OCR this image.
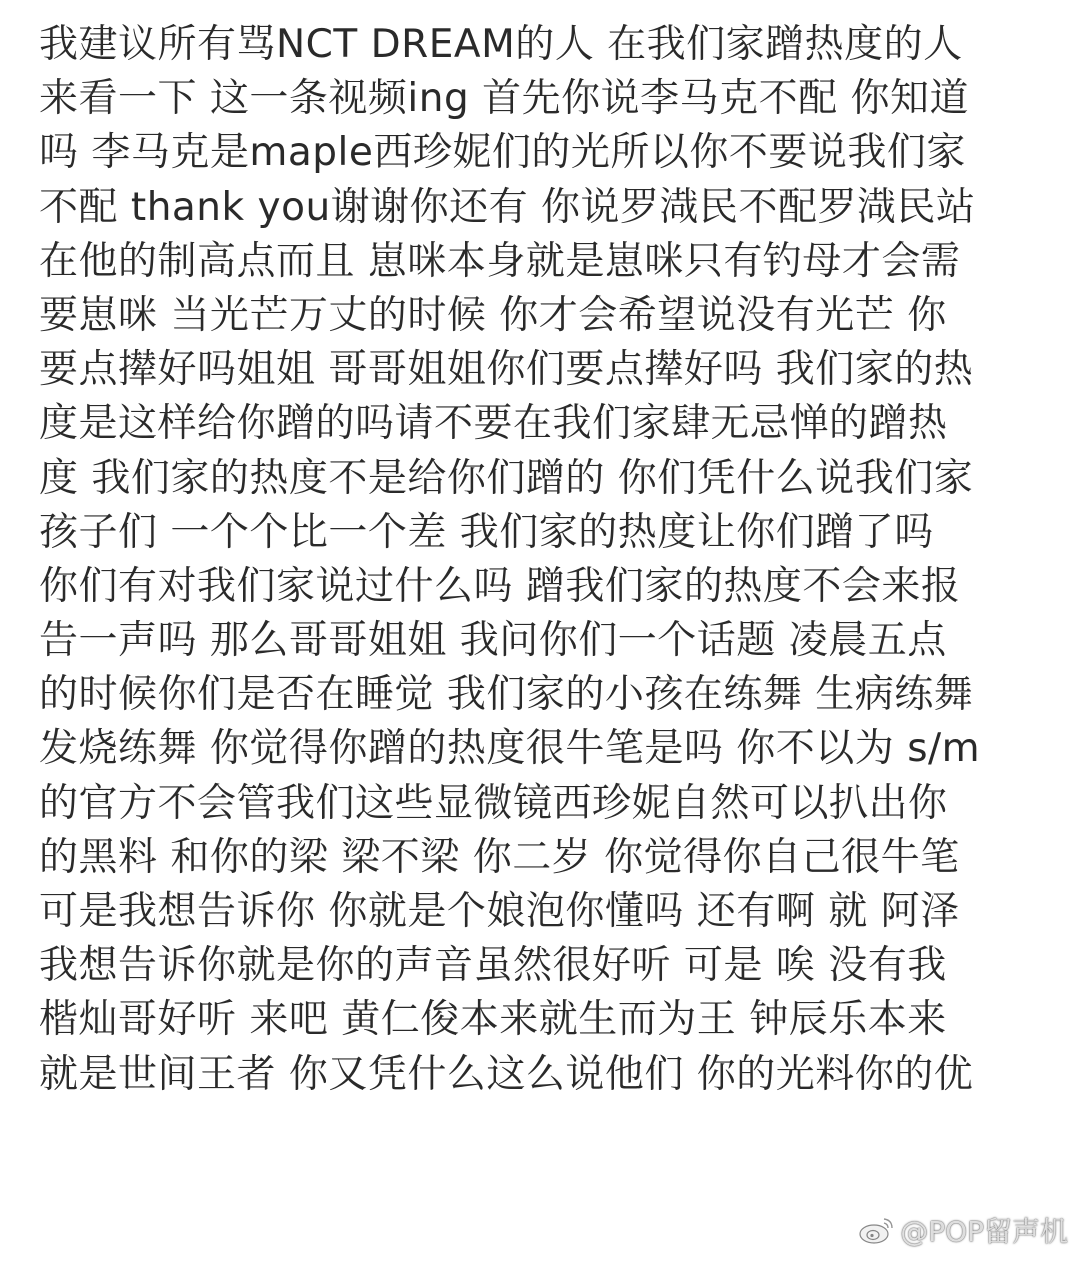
我建议所有骂NCT DREAM的人 在我们家蹭热度的人
来看一下 这一条视频ing 首先你说李马克不配 你知道
吗 李马克是maple西珍妮们的光所以你不要说我们家
不配 thank you谢谢你还有 你说罗渽民不配罗渽民站
在他的制高点而且 崽咪本身就是崽咪只有钓母才会需
要崽咪 当光芒万丈的时候 你才会希望说没有光芒 你
要点撵好吗姐姐 哥哥姐姐你们要点撵好吗 我们家的热
度是这样给你蹭的吗请不要在我们家肆无忌惮的蹭热
度 我们家的热度不是给你们蹭的 你们凭什么说我们家
孩子们 一个个比一个差 我们家的热度让你们蹭了吗
你们有对我们家说过什么吗 蹭我们家的热度不会来报
告一声吗 那么哥哥姐姐 我问你们一个话题 凌晨五点
的时候你们是否在睡觉 我们家的小孩在练舞 生病练舞
发烧练舞 你觉得你蹭的热度很牛笔是吗 你不以为 s/m
的官方不会管我们这些显微镜西珍妮自然可以扒出你
的黑料 和你的梁 梁不梁 你二岁 你觉得你自己很牛笔
可是我想告诉你 你就是个娘泡你懂吗 还有啊 就 阿泽
我想告诉你就是你的声音虽然很好听 可是 唉 没有我
楷灿哥好听 来吧 黄仁俊本来就生而为王 钟辰乐本来
就是世间王者 你又凭什么这么说他们 你的光料你的优
@POP留声机
